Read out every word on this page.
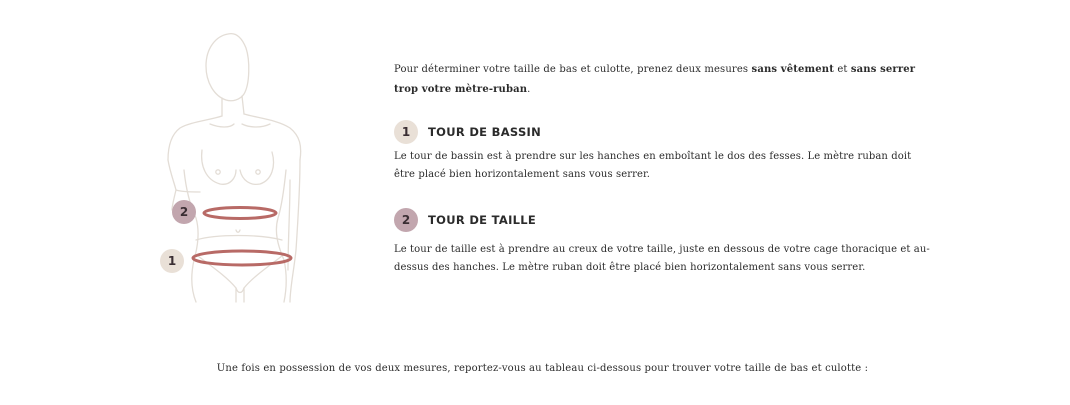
2
1

Pour déterminer votre taille de bas et culotte, prenez deux mesures sans vêtement et sans serrer trop votre mètre-ruban.

1	TOUR DE BASSIN

Le tour de bassin est à prendre sur les hanches en emboîtant le dos des fesses. Le mètre ruban doit être placé bien horizontalement sans vous serrer.

2	TOUR DE TAILLE

Le tour de taille est à prendre au creux de votre taille, juste en dessous de votre cage thoracique et au-dessus des hanches. Le mètre ruban doit être placé bien horizontalement sans vous serrer.

Une fois en possession de vos deux mesures, reportez-vous au tableau ci-dessous pour trouver votre taille de bas et culotte :
